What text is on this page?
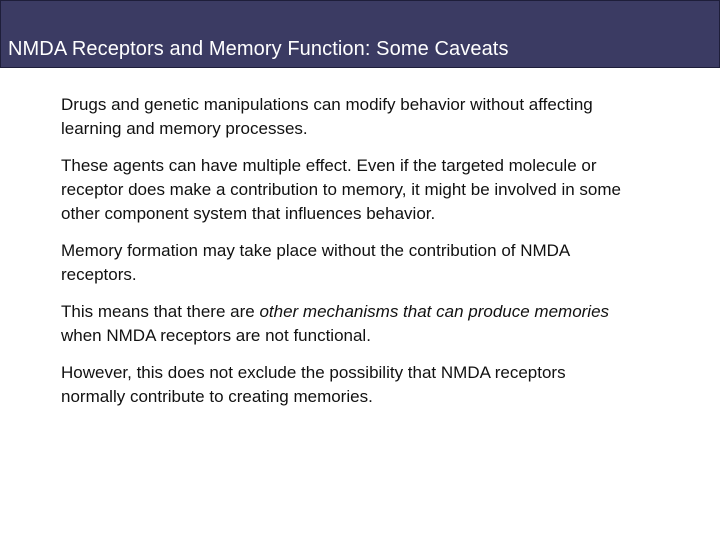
NMDA Receptors and Memory Function: Some Caveats

Drugs and genetic manipulations can modify behavior without affecting learning and memory processes.

These agents can have multiple effect. Even if the targeted molecule or receptor does make a contribution to memory, it might be involved in some other component system that influences behavior.

Memory formation may take place without the contribution of NMDA receptors.

This means that there are other mechanisms that can produce memories when NMDA receptors are not functional.

However, this does not exclude the possibility that NMDA receptors normally contribute to creating memories.
